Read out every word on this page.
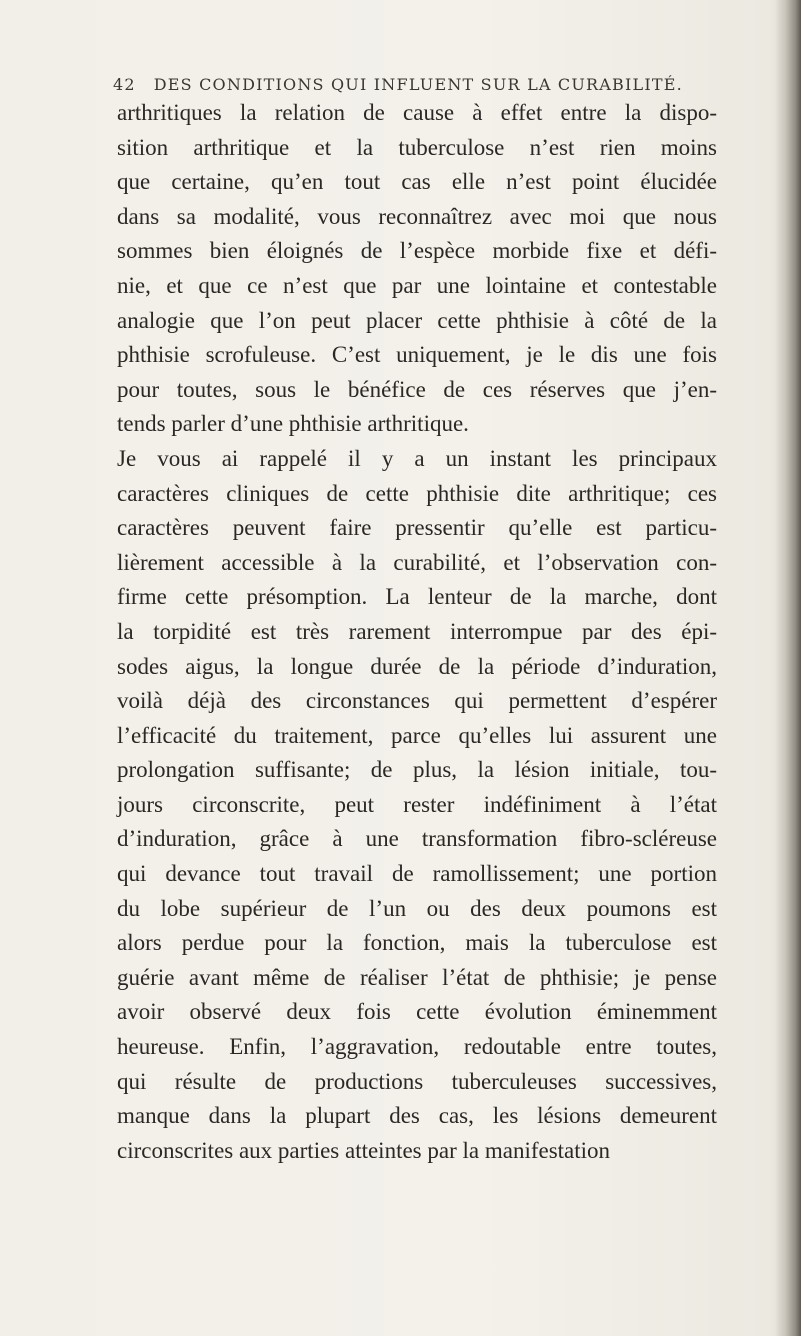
42 DES CONDITIONS QUI INFLUENT SUR LA CURABILITÉ.
arthritiques la relation de cause à effet entre la dispo-
sition arthritique et la tuberculose n’est rien moins
que certaine, qu’en tout cas elle n’est point élucidée
dans sa modalité, vous reconnaîtrez avec moi que nous
sommes bien éloignés de l’espèce morbide fixe et défi-
nie, et que ce n’est que par une lointaine et contestable
analogie que l’on peut placer cette phthisie à côté de la
phthisie scrofuleuse. C’est uniquement, je le dis une fois
pour toutes, sous le bénéfice de ces réserves que j’en-
tends parler d’une phthisie arthritique.
Je vous ai rappelé il y a un instant les principaux
caractères cliniques de cette phthisie dite arthritique; ces
caractères peuvent faire pressentir qu’elle est particu-
lièrement accessible à la curabilité, et l’observation con-
firme cette présomption. La lenteur de la marche, dont
la torpidité est très rarement interrompue par des épi-
sodes aigus, la longue durée de la période d’induration,
voilà déjà des circonstances qui permettent d’espérer
l’efficacité du traitement, parce qu’elles lui assurent une
prolongation suffisante; de plus, la lésion initiale, tou-
jours circonscrite, peut rester indéfiniment à l’état
d’induration, grâce à une transformation fibro-scléreuse
qui devance tout travail de ramollissement; une portion
du lobe supérieur de l’un ou des deux poumons est
alors perdue pour la fonction, mais la tuberculose est
guérie avant même de réaliser l’état de phthisie; je pense
avoir observé deux fois cette évolution éminemment
heureuse. Enfin, l’aggravation, redoutable entre toutes,
qui résulte de productions tuberculeuses successives,
manque dans la plupart des cas, les lésions demeurent
circonscrites aux parties atteintes par la manifestation
